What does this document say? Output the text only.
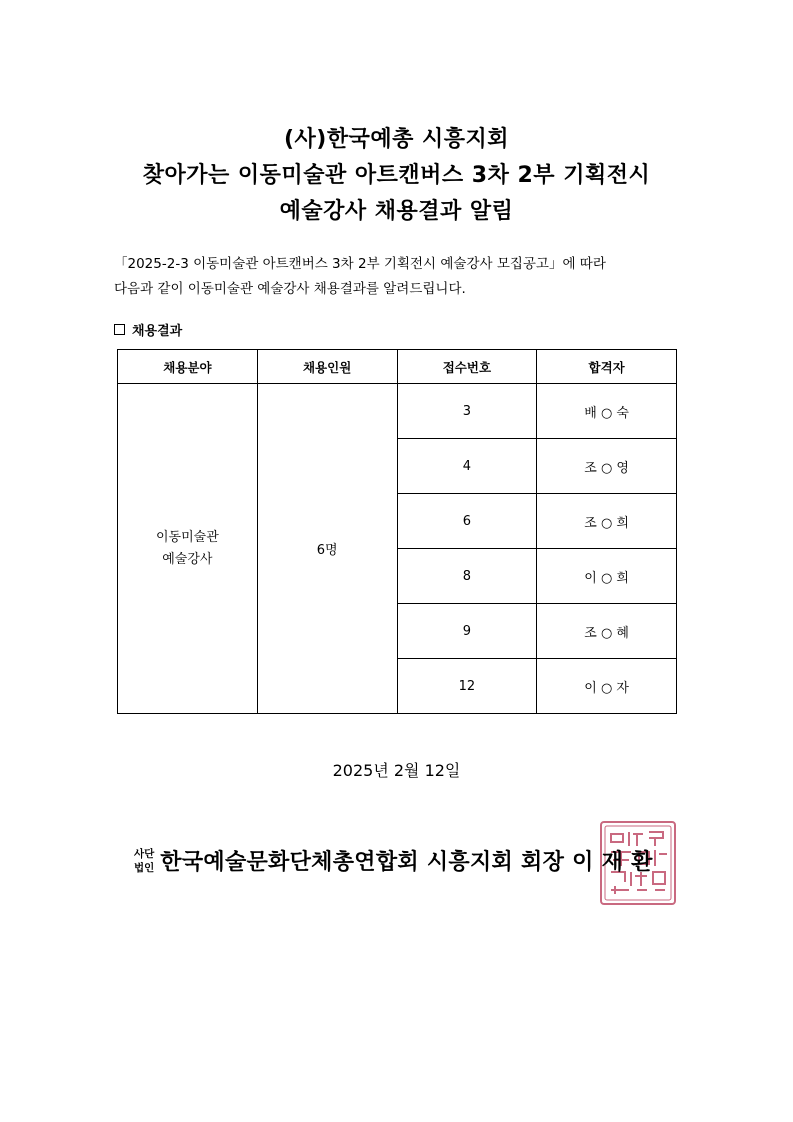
(사)한국예총 시흥지회
찾아가는 이동미술관 아트캔버스 3차 2부 기획전시
예술강사 채용결과 알림
「2025-2-3 이동미술관 아트캔버스 3차 2부 기획전시 예술강사 모집공고」에 따라
다음과 같이 이동미술관 예술강사 채용결과를 알려드립니다.
채용결과
채용분야	채용인원	접수번호	합격자

이동미술관
예술강사	6명	3	배 ○ 숙
		4	조 ○ 영
		6	조 ○ 희
		8	이 ○ 희
		9	조 ○ 혜
		12	이 ○ 자
2025년 2월 12일
사단
법인 한국예술문화단체총연합회 시흥지회 회장 이 재 환
